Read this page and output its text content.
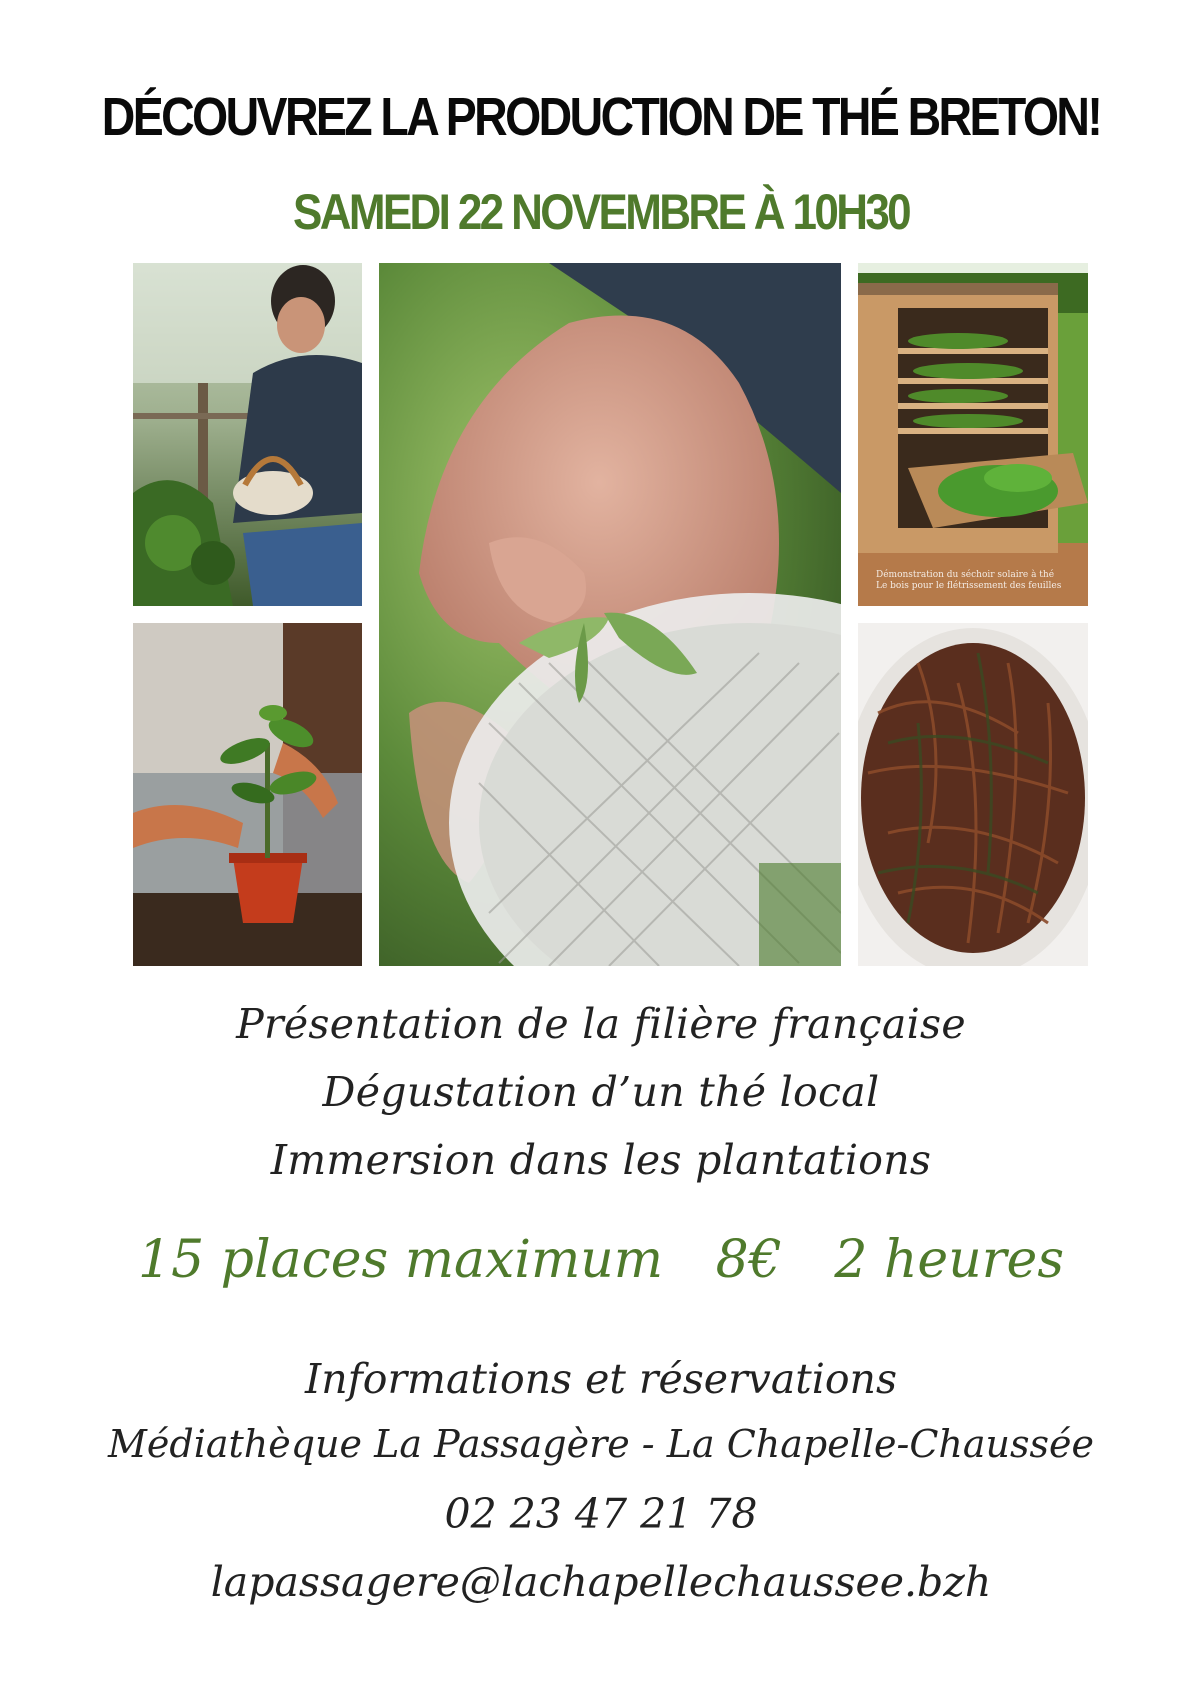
DÉCOUVREZ LA PRODUCTION DE THÉ BRETON!
SAMEDI 22 NOVEMBRE À 10H30
Démonstration du séchoir solaire à thé
Le bois pour le flétrissement des feuilles
Présentation de la filière française
Dégustation d’un thé local
Immersion dans les plantations
15 places maximum 8€ 2 heures
Informations et réservations
Médiathèque La Passagère - La Chapelle-Chaussée
02 23 47 21 78
lapassagere@lachapellechaussee.bzh
